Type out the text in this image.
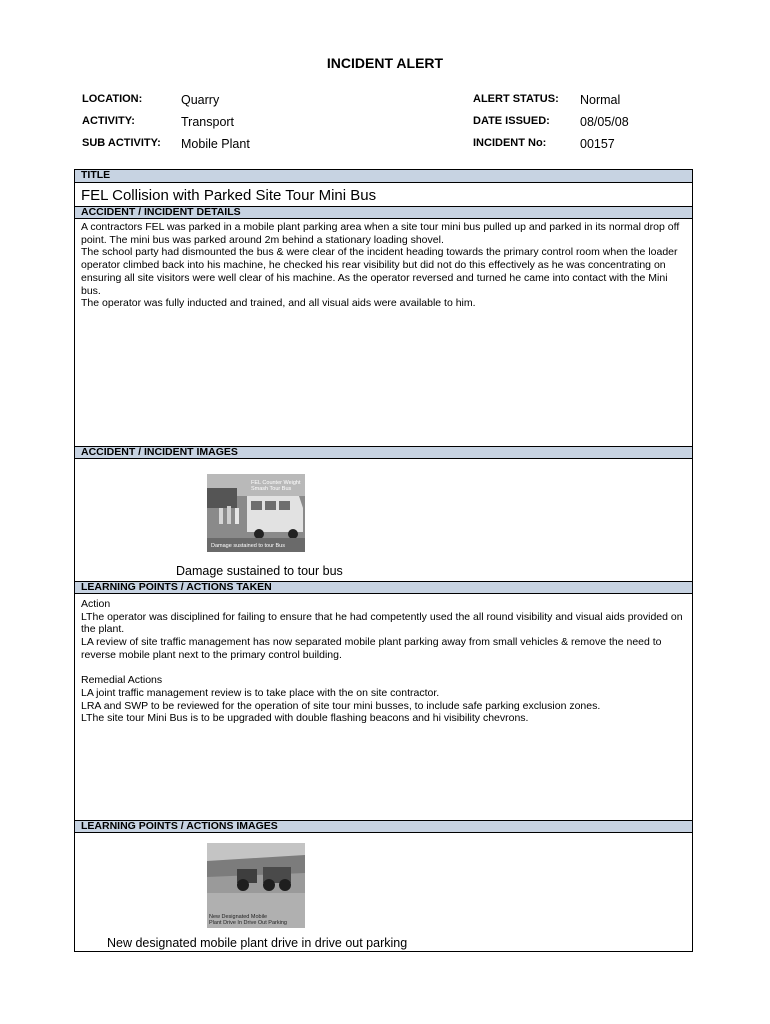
INCIDENT ALERT
LOCATION:	Quarry
ACTIVITY:	Transport
SUB ACTIVITY: Mobile Plant
ALERT STATUS: Normal
DATE ISSUED: 08/05/08
INCIDENT No:	00157
TITLE
FEL Collision with Parked Site Tour Mini Bus
ACCIDENT / INCIDENT DETAILS
A contractors FEL was parked in a mobile plant parking area when a site tour mini bus pulled up and parked in its normal drop off point. The mini bus was parked around 2m behind a stationary loading shovel.
The school party had dismounted the bus & were clear of the incident heading towards the primary control room when the loader operator climbed back into his machine, he checked his rear visibility but did not do this effectively as he was concentrating on ensuring all site visitors were well clear of his machine. As the operator reversed and turned he came into contact with the Mini bus.
The operator was fully inducted and trained, and all visual aids were available to him.
ACCIDENT / INCIDENT IMAGES
FEL Counter Weight
Smash Tour Bus
Damage sustained to tour Bus
Damage sustained to tour bus
LEARNING POINTS / ACTIONS TAKEN
Action
LThe operator was disciplined for failing to ensure that he had competently used the all round visibility and visual aids provided on the plant.
LA review of site traffic management has now separated mobile plant parking away from small vehicles & remove the need to reverse mobile plant next to the primary control building.

Remedial Actions
LA joint traffic management review is to take place with the on site contractor.
LRA and SWP to be reviewed for the operation of site tour mini busses, to include safe parking exclusion zones.
LThe site tour Mini Bus is to be upgraded with double flashing beacons and hi visibility chevrons.
LEARNING POINTS / ACTIONS IMAGES
New Designated Mobile
Plant Drive In Drive Out Parking
New designated mobile plant drive in drive out parking
